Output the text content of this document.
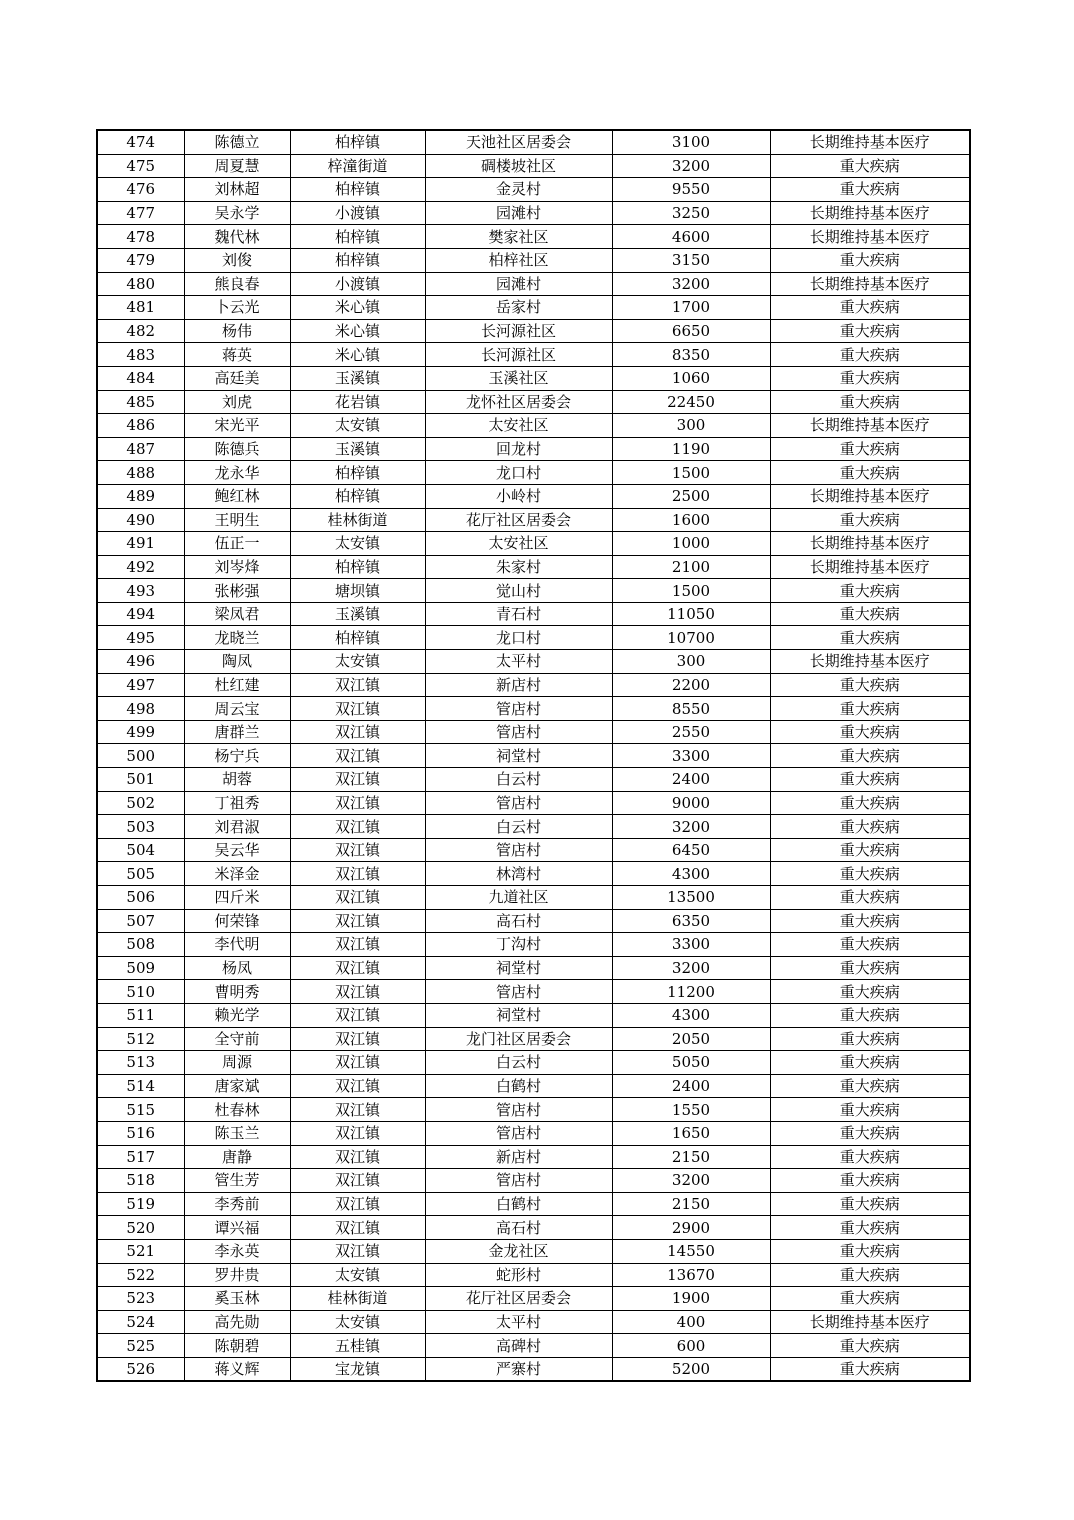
474	陈德立	柏梓镇	天池社区居委会	3100	长期维持基本医疗
475	周夏慧	梓潼街道	碉楼坡社区	3200	重大疾病
476	刘林超	柏梓镇	金灵村	9550	重大疾病
477	吴永学	小渡镇	园滩村	3250	长期维持基本医疗
478	魏代林	柏梓镇	樊家社区	4600	长期维持基本医疗
479	刘俊	柏梓镇	柏梓社区	3150	重大疾病
480	熊良春	小渡镇	园滩村	3200	长期维持基本医疗
481	卜云光	米心镇	岳家村	1700	重大疾病
482	杨伟	米心镇	长河源社区	6650	重大疾病
483	蒋英	米心镇	长河源社区	8350	重大疾病
484	高廷美	玉溪镇	玉溪社区	1060	重大疾病
485	刘虎	花岩镇	龙怀社区居委会	22450	重大疾病
486	宋光平	太安镇	太安社区	300	长期维持基本医疗
487	陈德兵	玉溪镇	回龙村	1190	重大疾病
488	龙永华	柏梓镇	龙口村	1500	重大疾病
489	鲍红林	柏梓镇	小岭村	2500	长期维持基本医疗
490	王明生	桂林街道	花厅社区居委会	1600	重大疾病
491	伍正一	太安镇	太安社区	1000	长期维持基本医疗
492	刘岑烽	柏梓镇	朱家村	2100	长期维持基本医疗
493	张彬强	塘坝镇	觉山村	1500	重大疾病
494	梁凤君	玉溪镇	青石村	11050	重大疾病
495	龙晓兰	柏梓镇	龙口村	10700	重大疾病
496	陶凤	太安镇	太平村	300	长期维持基本医疗
497	杜红建	双江镇	新店村	2200	重大疾病
498	周云宝	双江镇	管店村	8550	重大疾病
499	唐群兰	双江镇	管店村	2550	重大疾病
500	杨宁兵	双江镇	祠堂村	3300	重大疾病
501	胡蓉	双江镇	白云村	2400	重大疾病
502	丁祖秀	双江镇	管店村	9000	重大疾病
503	刘君淑	双江镇	白云村	3200	重大疾病
504	吴云华	双江镇	管店村	6450	重大疾病
505	米泽金	双江镇	林湾村	4300	重大疾病
506	四斤米	双江镇	九道社区	13500	重大疾病
507	何荣锋	双江镇	高石村	6350	重大疾病
508	李代明	双江镇	丁沟村	3300	重大疾病
509	杨凤	双江镇	祠堂村	3200	重大疾病
510	曹明秀	双江镇	管店村	11200	重大疾病
511	赖光学	双江镇	祠堂村	4300	重大疾病
512	全守前	双江镇	龙门社区居委会	2050	重大疾病
513	周源	双江镇	白云村	5050	重大疾病
514	唐家斌	双江镇	白鹤村	2400	重大疾病
515	杜春林	双江镇	管店村	1550	重大疾病
516	陈玉兰	双江镇	管店村	1650	重大疾病
517	唐静	双江镇	新店村	2150	重大疾病
518	管生芳	双江镇	管店村	3200	重大疾病
519	李秀前	双江镇	白鹤村	2150	重大疾病
520	谭兴福	双江镇	高石村	2900	重大疾病
521	李永英	双江镇	金龙社区	14550	重大疾病
522	罗井贵	太安镇	蛇形村	13670	重大疾病
523	奚玉林	桂林街道	花厅社区居委会	1900	重大疾病
524	高先勋	太安镇	太平村	400	长期维持基本医疗
525	陈朝碧	五桂镇	高碑村	600	重大疾病
526	蒋义辉	宝龙镇	严寨村	5200	重大疾病
